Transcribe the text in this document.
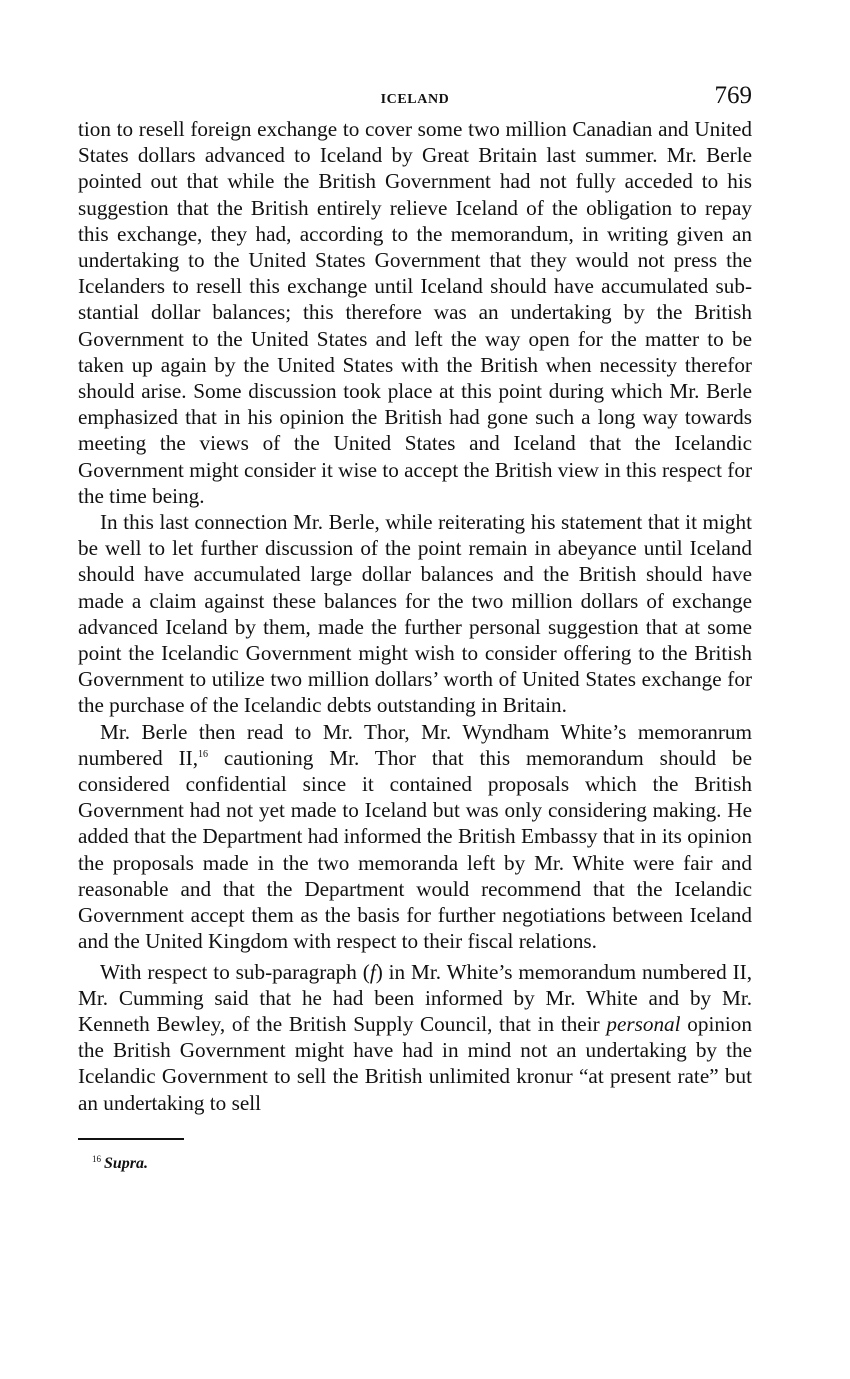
ICELAND	769

tion to resell foreign exchange to cover some two million Canadian and United States dollars advanced to Iceland by Great Britain last summer. Mr. Berle pointed out that while the British Government had not fully acceded to his suggestion that the British entirely relieve Iceland of the obligation to repay this exchange, they had, according to the memorandum, in writing given an undertaking to the United States Government that they would not press the Icelanders to resell this exchange until Iceland should have accumulated substantial dollar balances; this therefore was an undertaking by the British Government to the United States and left the way open for the matter to be taken up again by the United States with the British when necessity therefor should arise. Some discussion took place at this point during which Mr. Berle emphasized that in his opinion the British had gone such a long way towards meeting the views of the United States and Iceland that the Icelandic Government might consider it wise to accept the British view in this respect for the time being.

In this last connection Mr. Berle, while reiterating his statement that it might be well to let further discussion of the point remain in abeyance until Iceland should have accumulated large dollar balances and the British should have made a claim against these balances for the two million dollars of exchange advanced Iceland by them, made the further personal suggestion that at some point the Icelandic Government might wish to consider offering to the British Government to utilize two million dollars’ worth of United States exchange for the purchase of the Icelandic debts outstanding in Britain.

Mr. Berle then read to Mr. Thor, Mr. Wyndham White’s memoranrum numbered II,$^{16}$ cautioning Mr. Thor that this memorandum should be considered confidential since it contained proposals which the British Government had not yet made to Iceland but was only considering making. He added that the Department had informed the British Embassy that in its opinion the proposals made in the two memoranda left by Mr. White were fair and reasonable and that the Department would recommend that the Icelandic Government accept them as the basis for further negotiations between Iceland and the United Kingdom with respect to their fiscal relations.

With respect to sub-paragraph (f) in Mr. White’s memorandum numbered II, Mr. Cumming said that he had been informed by Mr. White and by Mr. Kenneth Bewley, of the British Supply Council, that in their personal opinion the British Government might have had in mind not an undertaking by the Icelandic Government to sell the British unlimited kronur “at present rate” but an undertaking to sell

$^{16}$ Supra.
